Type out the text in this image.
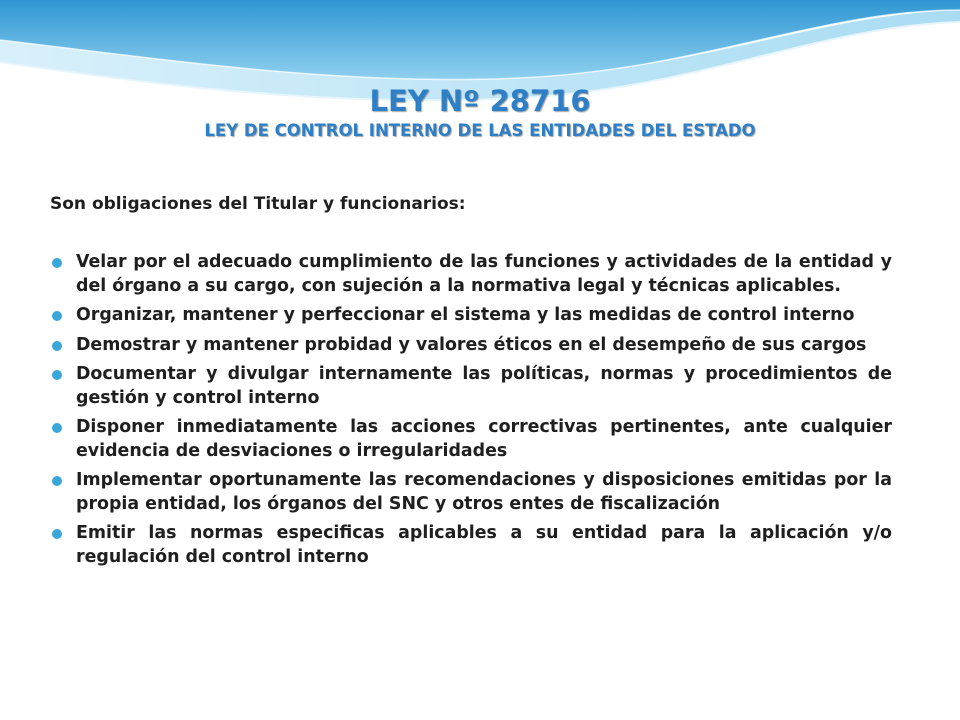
LEY Nº 28716
LEY DE CONTROL INTERNO DE LAS ENTIDADES DEL ESTADO
Son obligaciones del Titular y funcionarios:
Velar por el adecuado cumplimiento de las funciones y actividades de la entidad y del órgano a su cargo, con sujeción a la normativa legal y técnicas aplicables.
Organizar, mantener y perfeccionar el sistema y las medidas de control interno
Demostrar y mantener probidad y valores éticos en el desempeño de sus cargos
Documentar y divulgar internamente las políticas, normas y procedimientos de gestión y control interno
Disponer inmediatamente las acciones correctivas pertinentes, ante cualquier evidencia de desviaciones o irregularidades
Implementar oportunamente las recomendaciones y disposiciones emitidas por la propia entidad, los órganos del SNC y otros entes de fiscalización
Emitir las normas especificas aplicables a su entidad para la aplicación y/o regulación del control interno
